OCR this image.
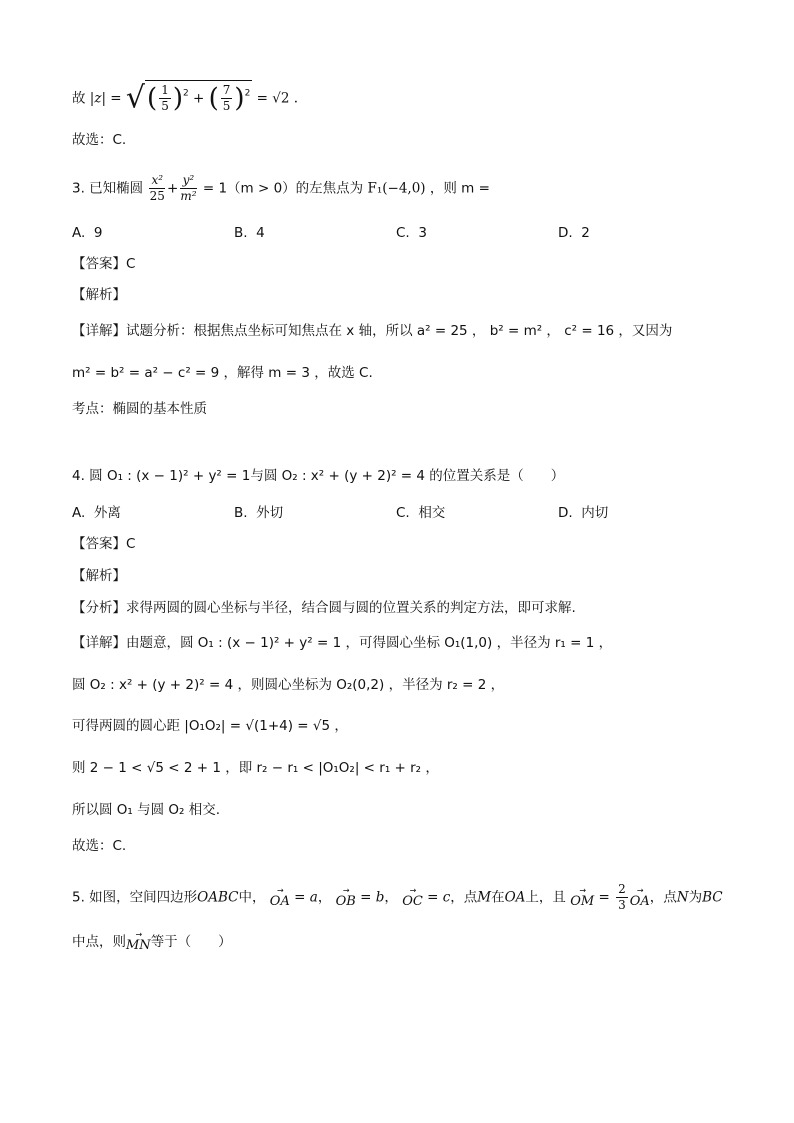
故 |z| = √( $\frac{1}{5} )^2$ + ( $\frac{7}{5} )^2 = √2$ .
故选：C.
3. 已知椭圆 $\frac{\text{x²}}{25} + \frac{\text{y²}}{\text{m²}} = 1(m > 0)$的左焦点为 F₁(−4,0) ，则 m =
A. 9	B. 4	C. 3	D. 2
【答案】C
【解析】
【详解】试题分析：根据焦点坐标可知焦点在 x 轴，所以 a² = 25 ， b² = m² ， c² = 16 ，又因为
m² = b² = a² − c² = 9 ，解得 m = 3 ，故选 C.
考点：椭圆的基本性质
4. 圆 O₁ : (x − 1)² + y² = 1与圆 O₂ : x² + (y + 2)² = 4 的位置关系是（　　）
A. 外离	B. 外切	C. 相交	D. 内切
【答案】C
【解析】
【分析】求得两圆的圆心坐标与半径，结合圆与圆的位置关系的判定方法，即可求解.
【详解】由题意，圆 O₁ : (x − 1)² + y² = 1 ，可得圆心坐标 O₁(1,0) ，半径为 r₁ = 1 ，
圆 O₂ : x² + (y + 2)² = 4 ，则圆心坐标为 O₂(0,2) ，半径为 r₂ = 2 ，
可得两圆的圆心距 |O₁O₂| = √(1+4) = √5 ，
则 2 − 1 < √5 < 2 + 1 ，即 r₂ − r₁ < |O₁O₂| < r₁ + r₂ ，
所以圆 O₁ 与圆 O₂ 相交.
故选：C.
5. 如图，空间四边形OABC中，	→
OA = a， →
OB = b， →
OC = c，点M在OA上，且	→
OM = $\frac{2}{3}$	→
OA ，点N为BC
中点，则	→
MN 等于（　　）
